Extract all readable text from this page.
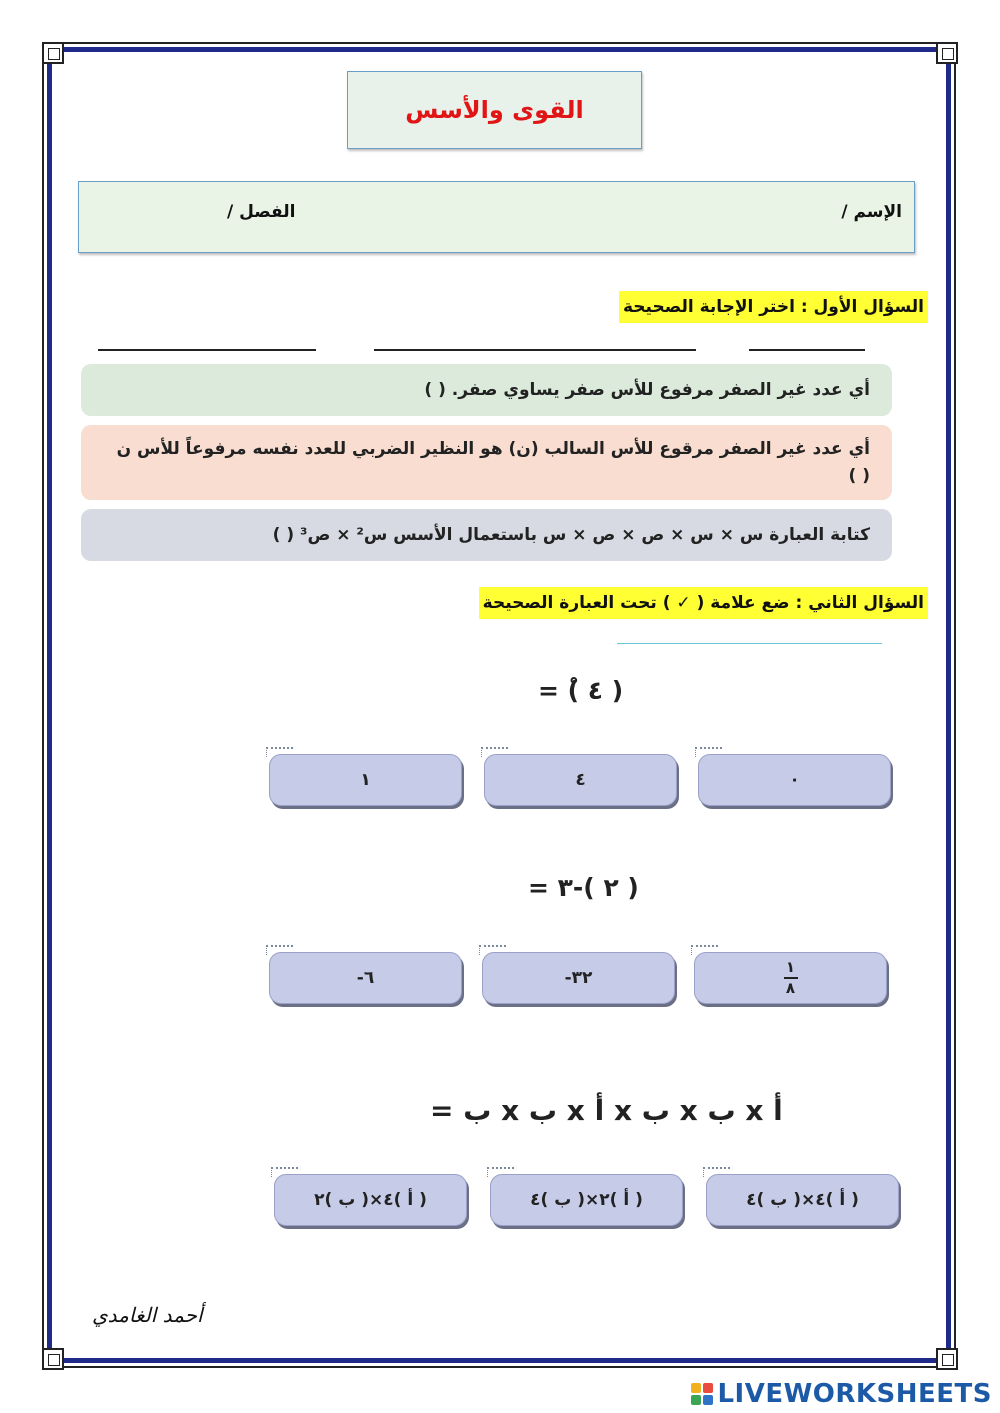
القوى والأسس
الإسم /
الفصل /
السؤال الأول : اختر الإجابة الصحيحة
أي عدد غير الصفر مرفوع للأس صفر يساوي صفر. ( )
أي عدد غير الصفر مرقوع للأس السالب (ن) هو النظير الضربي للعدد نفسه مرفوعاً للأس ن ( )
كتابة العبارة س × س × ص × ص × س باستعمال الأسس س² × ص³ ( )
السؤال الثاني : ضع علامة ( ✓ ) تحت العبارة الصحيحة
( ٤ )ْ =
٠
٤
١
( ٢ )‏-٣ =
$\frac{١}{٨}$
٣٢-
٦-
أ x ب x ب x أ x ب x ب =
( أ )٤×( ب )٤
( أ )٢×( ب )٤
( أ )٤×( ب )٢
أحمد الغامدي
LIVEWORKSHEETS
